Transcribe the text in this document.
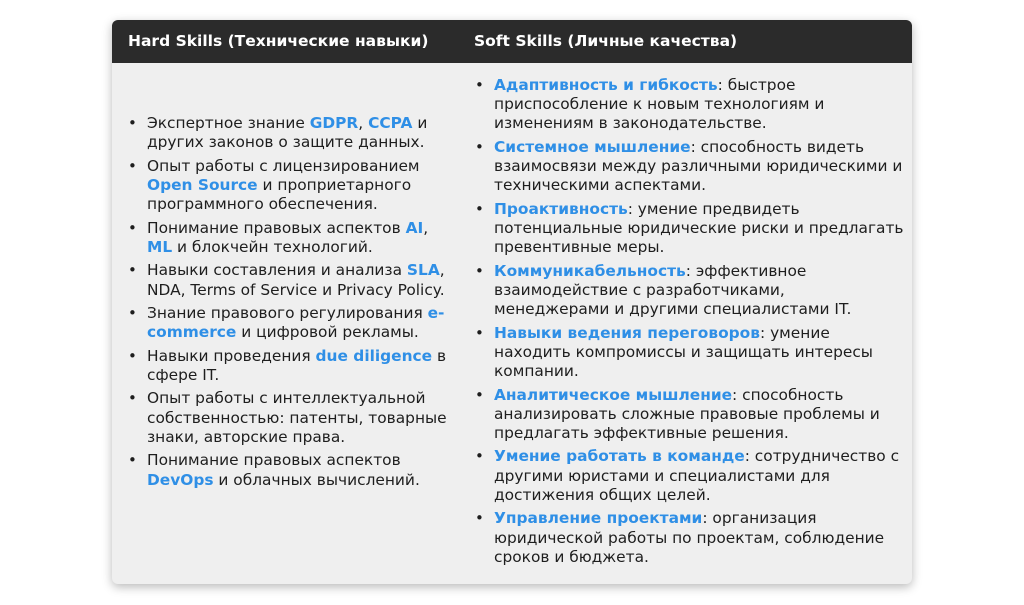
Hard Skills (Технические навыки)	Soft Skills (Личные качества)
• Экспертное знание GDPR, CCPA и других законов о защите данных.
• Опыт работы с лицензированием Open Source и проприетарного программного обеспечения.
• Понимание правовых аспектов AI, ML и блокчейн технологий.
• Навыки составления и анализа SLA, NDA, Terms of Service и Privacy Policy.
• Знание правового регулирования e-commerce и цифровой рекламы.
• Навыки проведения due diligence в сфере IT.
• Опыт работы с интеллектуальной собственностью: патенты, товарные знаки, авторские права.
• Понимание правовых аспектов DevOps и облачных вычислений.
• Адаптивность и гибкость: быстрое приспособление к новым технологиям и изменениям в законодательстве.
• Системное мышление: способность видеть взаимосвязи между различными юридическими и техническими аспектами.
• Проактивность: умение предвидеть потенциальные юридические риски и предлагать превентивные меры.
• Коммуникабельность: эффективное взаимодействие с разработчиками, менеджерами и другими специалистами IT.
• Навыки ведения переговоров: умение находить компромиссы и защищать интересы компании.
• Аналитическое мышление: способность анализировать сложные правовые проблемы и предлагать эффективные решения.
• Умение работать в команде: сотрудничество с другими юристами и специалистами для достижения общих целей.
• Управление проектами: организация юридической работы по проектам, соблюдение сроков и бюджета.
